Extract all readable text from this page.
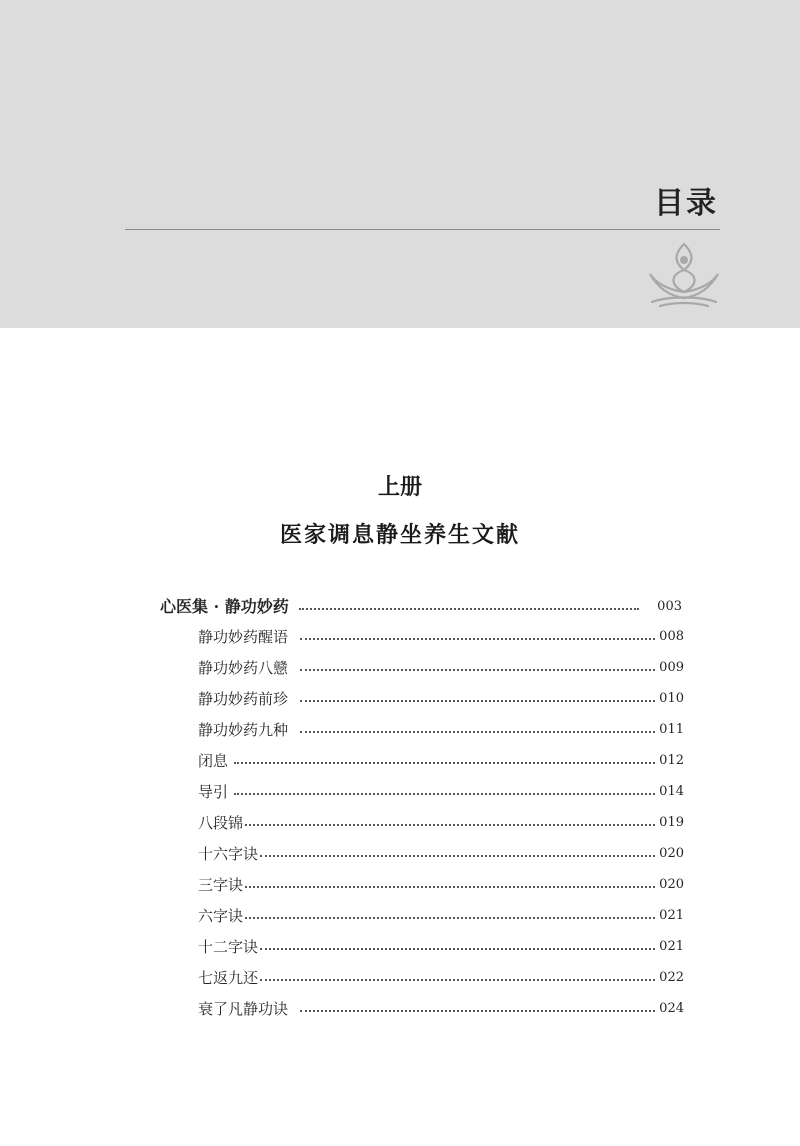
目录
上册
医家调息静坐养生文献
心医集 · 静功妙药	003
静功妙药醒语	008
静功妙药八戆	009
静功妙药前珍	010
静功妙药九种	011
闭息	012
导引	014
八段锦	019
十六字诀	020
三字诀	020
六字诀	021
十二字诀	021
七返九还	022
衰了凡静功诀	024
